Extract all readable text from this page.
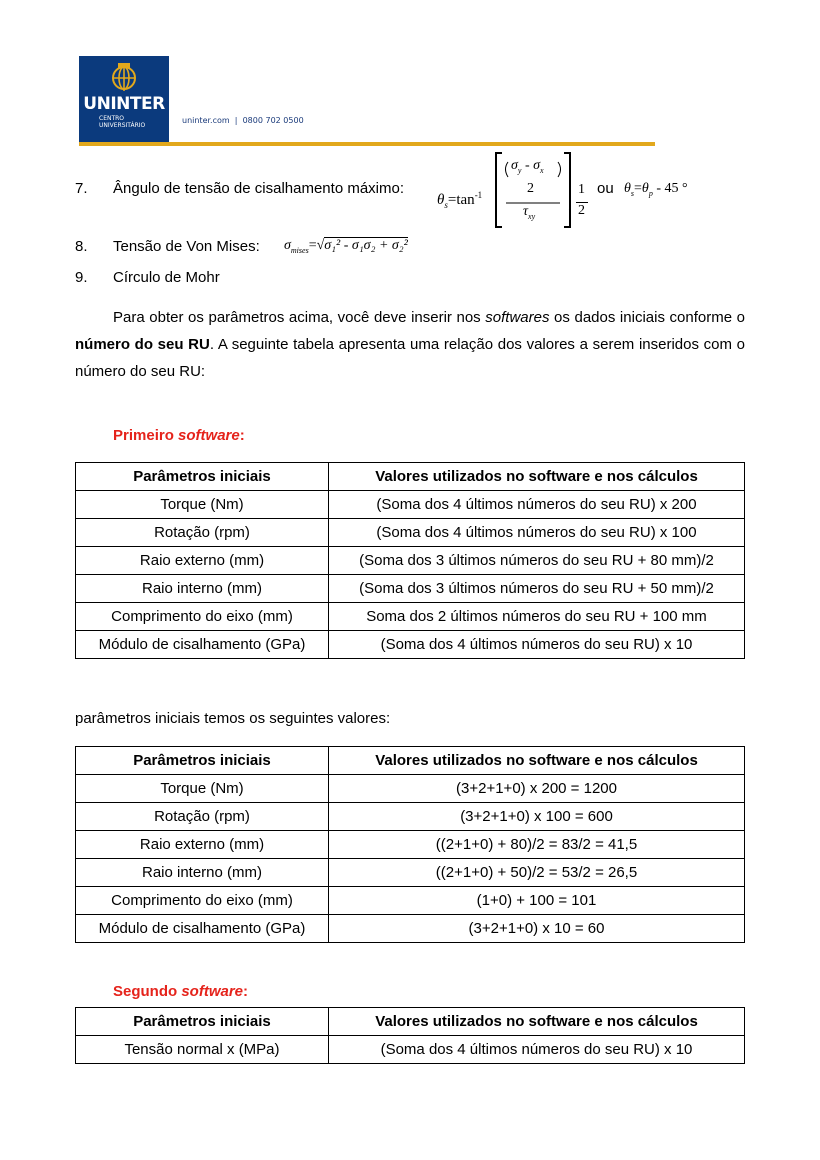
UNINTER
CENTRO
UNIVERSITÁRIO
uninter.com | 0800 702 0500
7. Ângulo de tensão de cisalhamento máximo:
$\theta_s=\tan^{-1}$
$\sigma_y - \sigma_x$
2
$\tau_{xy}$
.
1
2
ou $\theta_s=\theta_p - 45$ °
8. Tensão de Von Mises: $\sigma_{mises}=√\sigma_1^2 - \sigma_1\sigma_2 + \sigma_2^2$
9. Círculo de Mohr
Para obter os parâmetros acima, você deve inserir nos softwares os dados iniciais conforme o número do seu RU. A seguinte tabela apresenta uma relação dos valores a serem inseridos com o número do seu RU:
Primeiro software:
Parâmetros iniciais	Valores utilizados no software e nos cálculos
Torque (Nm)	(Soma dos 4 últimos números do seu RU) x 200
Rotação (rpm)	(Soma dos 4 últimos números do seu RU) x 100
Raio externo (mm)	(Soma dos 3 últimos números do seu RU + 80 mm)/2
Raio interno (mm)	(Soma dos 3 últimos números do seu RU + 50 mm)/2
Comprimento do eixo (mm)	Soma dos 2 últimos números do seu RU + 100 mm
Módulo de cisalhamento (GPa)	(Soma dos 4 últimos números do seu RU) x 10
parâmetros iniciais temos os seguintes valores:
Parâmetros iniciais	Valores utilizados no software e nos cálculos
Torque (Nm)	(3+2+1+0) x 200 = 1200
Rotação (rpm)	(3+2+1+0) x 100 = 600
Raio externo (mm)	((2+1+0) + 80)/2 = 83/2 = 41,5
Raio interno (mm)	((2+1+0) + 50)/2 = 53/2 = 26,5
Comprimento do eixo (mm)	(1+0) + 100 = 101
Módulo de cisalhamento (GPa)	(3+2+1+0) x 10 = 60
Segundo software:
Parâmetros iniciais	Valores utilizados no software e nos cálculos
Tensão normal x (MPa)	(Soma dos 4 últimos números do seu RU) x 10
